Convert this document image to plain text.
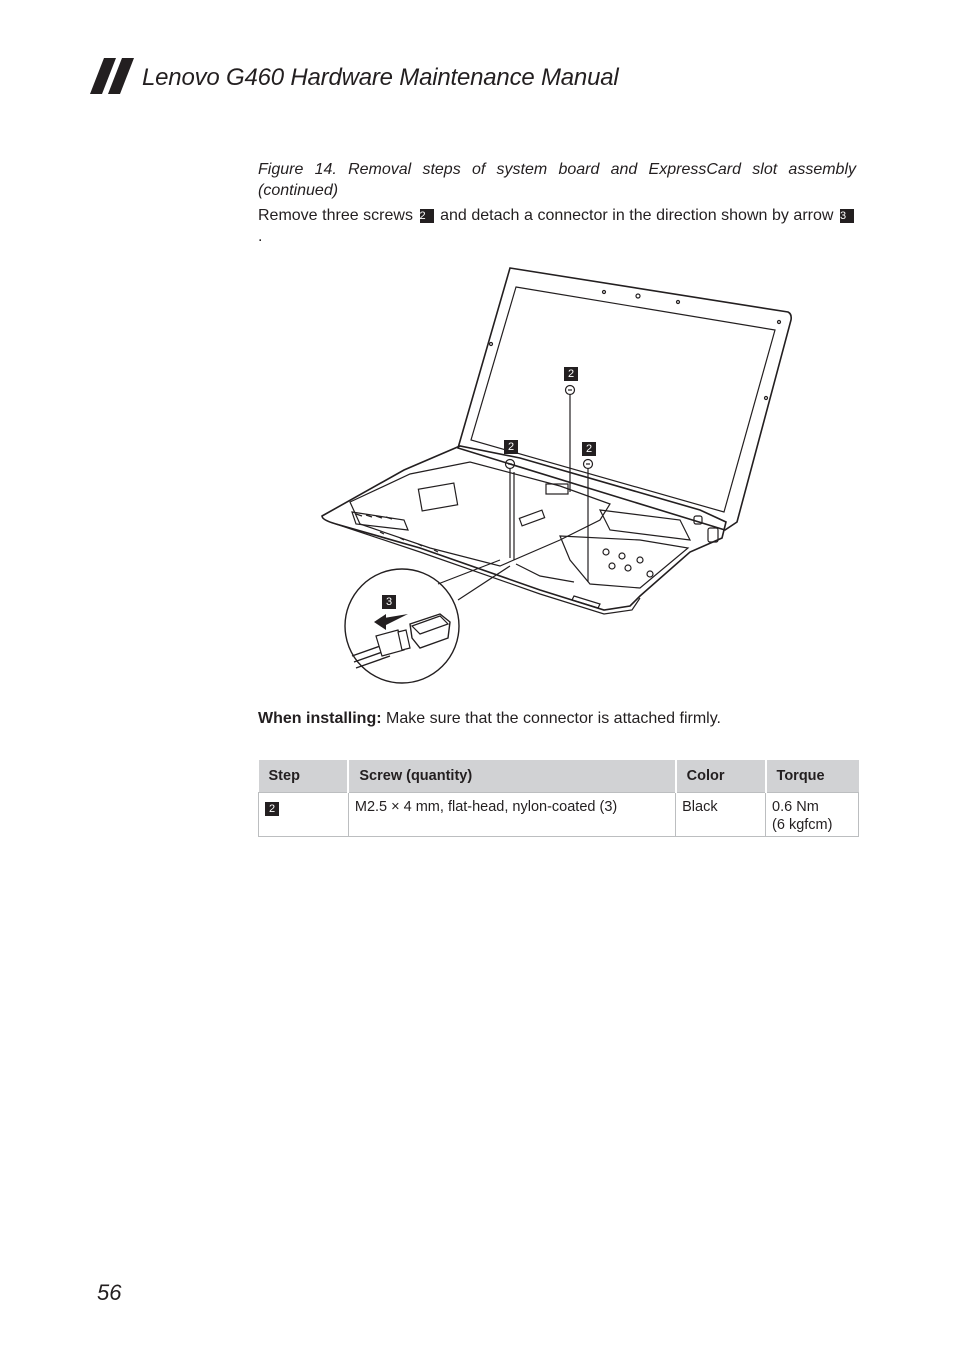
Lenovo G460 Hardware Maintenance Manual
Figure 14. Removal steps of system board and ExpressCard slot assembly (continued)
Remove three screws 2 and detach a connector in the direction shown by arrow 3.
2
2	2
3
When installing: Make sure that the connector is attached firmly.
Step	Screw (quantity)	Color	Torque
2	M2.5 × 4 mm, flat-head, nylon-coated (3)	Black	0.6 Nm
(6 kgfcm)
56
